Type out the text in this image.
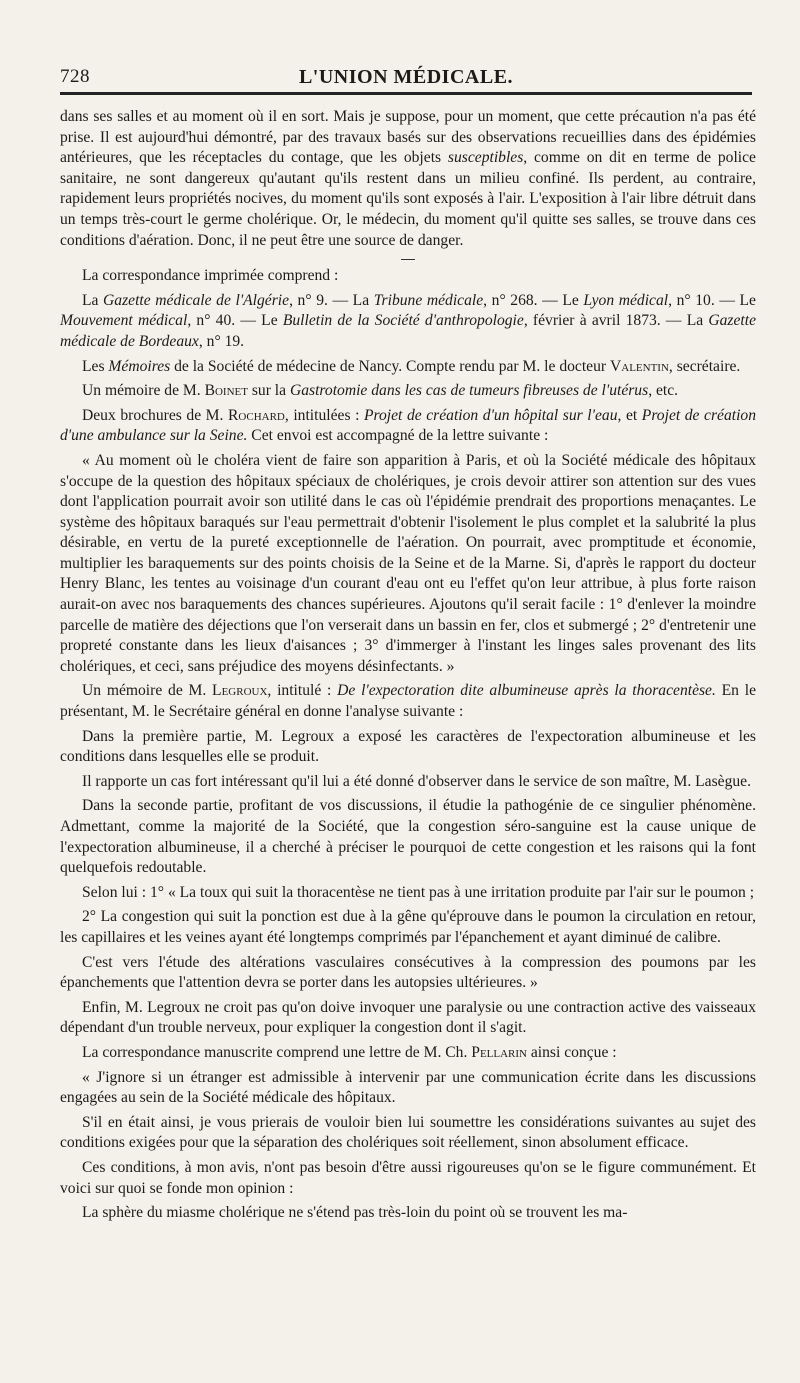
728	L'UNION MÉDICALE.

dans ses salles et au moment où il en sort. Mais je suppose, pour un moment, que cette précaution n'a pas été prise. Il est aujourd'hui démontré, par des travaux basés sur des observations recueillies dans des épidémies antérieures, que les réceptacles du contage, que les objets susceptibles, comme on dit en terme de police sanitaire, ne sont dangereux qu'autant qu'ils restent dans un milieu confiné. Ils perdent, au contraire, rapidement leurs propriétés nocives, du moment qu'ils sont exposés à l'air. L'exposition à l'air libre détruit dans un temps très-court le germe cholérique. Or, le médecin, du moment qu'il quitte ses salles, se trouve dans ces conditions d'aération. Donc, il ne peut être une source de danger.

La correspondance imprimée comprend :

La Gazette médicale de l'Algérie, n° 9. — La Tribune médicale, n° 268. — Le Lyon médical, n° 10. — Le Mouvement médical, n° 40. — Le Bulletin de la Société d'anthropologie, février à avril 1873. — La Gazette médicale de Bordeaux, n° 19.

Les Mémoires de la Société de médecine de Nancy. Compte rendu par M. le docteur Valentin, secrétaire.

Un mémoire de M. Boinet sur la Gastrotomie dans les cas de tumeurs fibreuses de l'utérus, etc.

Deux brochures de M. Rochard, intitulées : Projet de création d'un hôpital sur l'eau, et Projet de création d'une ambulance sur la Seine. Cet envoi est accompagné de la lettre suivante :

« Au moment où le choléra vient de faire son apparition à Paris, et où la Société médicale des hôpitaux s'occupe de la question des hôpitaux spéciaux de cholériques, je crois devoir attirer son attention sur des vues dont l'application pourrait avoir son utilité dans le cas où l'épidémie prendrait des proportions menaçantes. Le système des hôpitaux baraqués sur l'eau permettrait d'obtenir l'isolement le plus complet et la salubrité la plus désirable, en vertu de la pureté exceptionnelle de l'aération. On pourrait, avec promptitude et économie, multiplier les baraquements sur des points choisis de la Seine et de la Marne. Si, d'après le rapport du docteur Henry Blanc, les tentes au voisinage d'un courant d'eau ont eu l'effet qu'on leur attribue, à plus forte raison aurait-on avec nos baraquements des chances supérieures. Ajoutons qu'il serait facile : 1° d'enlever la moindre parcelle de matière des déjections que l'on verserait dans un bassin en fer, clos et submergé ; 2° d'entretenir une propreté constante dans les lieux d'aisances ; 3° d'immerger à l'instant les linges sales provenant des lits cholériques, et ceci, sans préjudice des moyens désinfectants. »

Un mémoire de M. Legroux, intitulé : De l'expectoration dite albumineuse après la thoracentèse. En le présentant, M. le Secrétaire général en donne l'analyse suivante :

Dans la première partie, M. Legroux a exposé les caractères de l'expectoration albumineuse et les conditions dans lesquelles elle se produit.

Il rapporte un cas fort intéressant qu'il lui a été donné d'observer dans le service de son maître, M. Lasègue.

Dans la seconde partie, profitant de vos discussions, il étudie la pathogénie de ce singulier phénomène. Admettant, comme la majorité de la Société, que la congestion séro-sanguine est la cause unique de l'expectoration albumineuse, il a cherché à préciser le pourquoi de cette congestion et les raisons qui la font quelquefois redoutable.

Selon lui : 1° « La toux qui suit la thoracentèse ne tient pas à une irritation produite par l'air sur le poumon ;

2° La congestion qui suit la ponction est due à la gêne qu'éprouve dans le poumon la circulation en retour, les capillaires et les veines ayant été longtemps comprimés par l'épanchement et ayant diminué de calibre.

C'est vers l'étude des altérations vasculaires consécutives à la compression des poumons par les épanchements que l'attention devra se porter dans les autopsies ultérieures. »

Enfin, M. Legroux ne croit pas qu'on doive invoquer une paralysie ou une contraction active des vaisseaux dépendant d'un trouble nerveux, pour expliquer la congestion dont il s'agit.

La correspondance manuscrite comprend une lettre de M. Ch. Pellarin ainsi conçue :

« J'ignore si un étranger est admissible à intervenir par une communication écrite dans les discussions engagées au sein de la Société médicale des hôpitaux.

S'il en était ainsi, je vous prierais de vouloir bien lui soumettre les considérations suivantes au sujet des conditions exigées pour que la séparation des cholériques soit réellement, sinon absolument efficace.

Ces conditions, à mon avis, n'ont pas besoin d'être aussi rigoureuses qu'on se le figure communément. Et voici sur quoi se fonde mon opinion :

La sphère du miasme cholérique ne s'étend pas très-loin du point où se trouvent les ma-
